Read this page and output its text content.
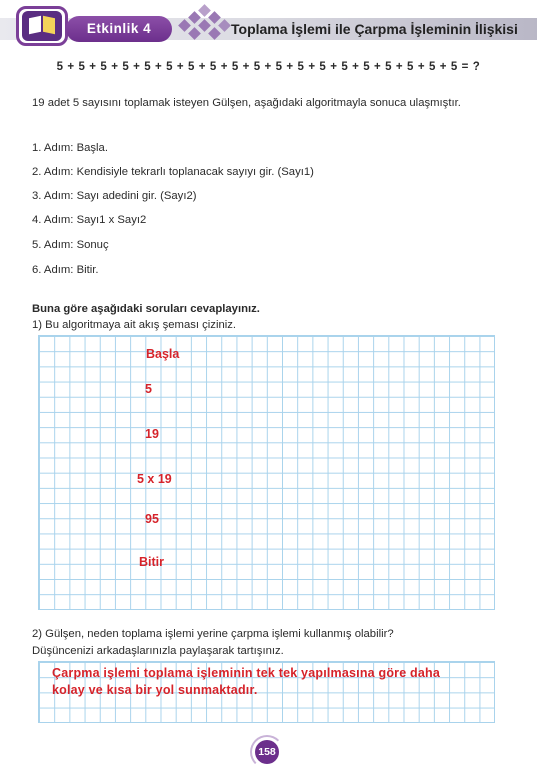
Etkinlik 4	Toplama İşlemi ile Çarpma İşleminin İlişkisi
5 + 5 + 5 + 5 + 5 + 5 + 5 + 5 + 5 + 5 + 5 + 5 + 5 + 5 + 5 + 5 + 5 + 5 + 5 = ?
19 adet 5 sayısını toplamak isteyen Gülşen, aşağıdaki algoritmayla sonuca ulaşmıştır.
1. Adım: Başla.
2. Adım: Kendisiyle tekrarlı toplanacak sayıyı gir. (Sayı1)
3. Adım: Sayı adedini gir. (Sayı2)
4. Adım: Sayı1 x Sayı2
5. Adım: Sonuç
6. Adım: Bitir.
Buna göre aşağıdaki soruları cevaplayınız.
1) Bu algoritmaya ait akış şeması çiziniz.
Başla
5
19
5 x 19
95
Bitir
2) Gülşen, neden toplama işlemi yerine çarpma işlemi kullanmış olabilir?
Düşüncenizi arkadaşlarınızla paylaşarak tartışınız.
Çarpma işlemi toplama işleminin tek tek yapılmasına göre daha
kolay ve kısa bir yol sunmaktadır.
158
